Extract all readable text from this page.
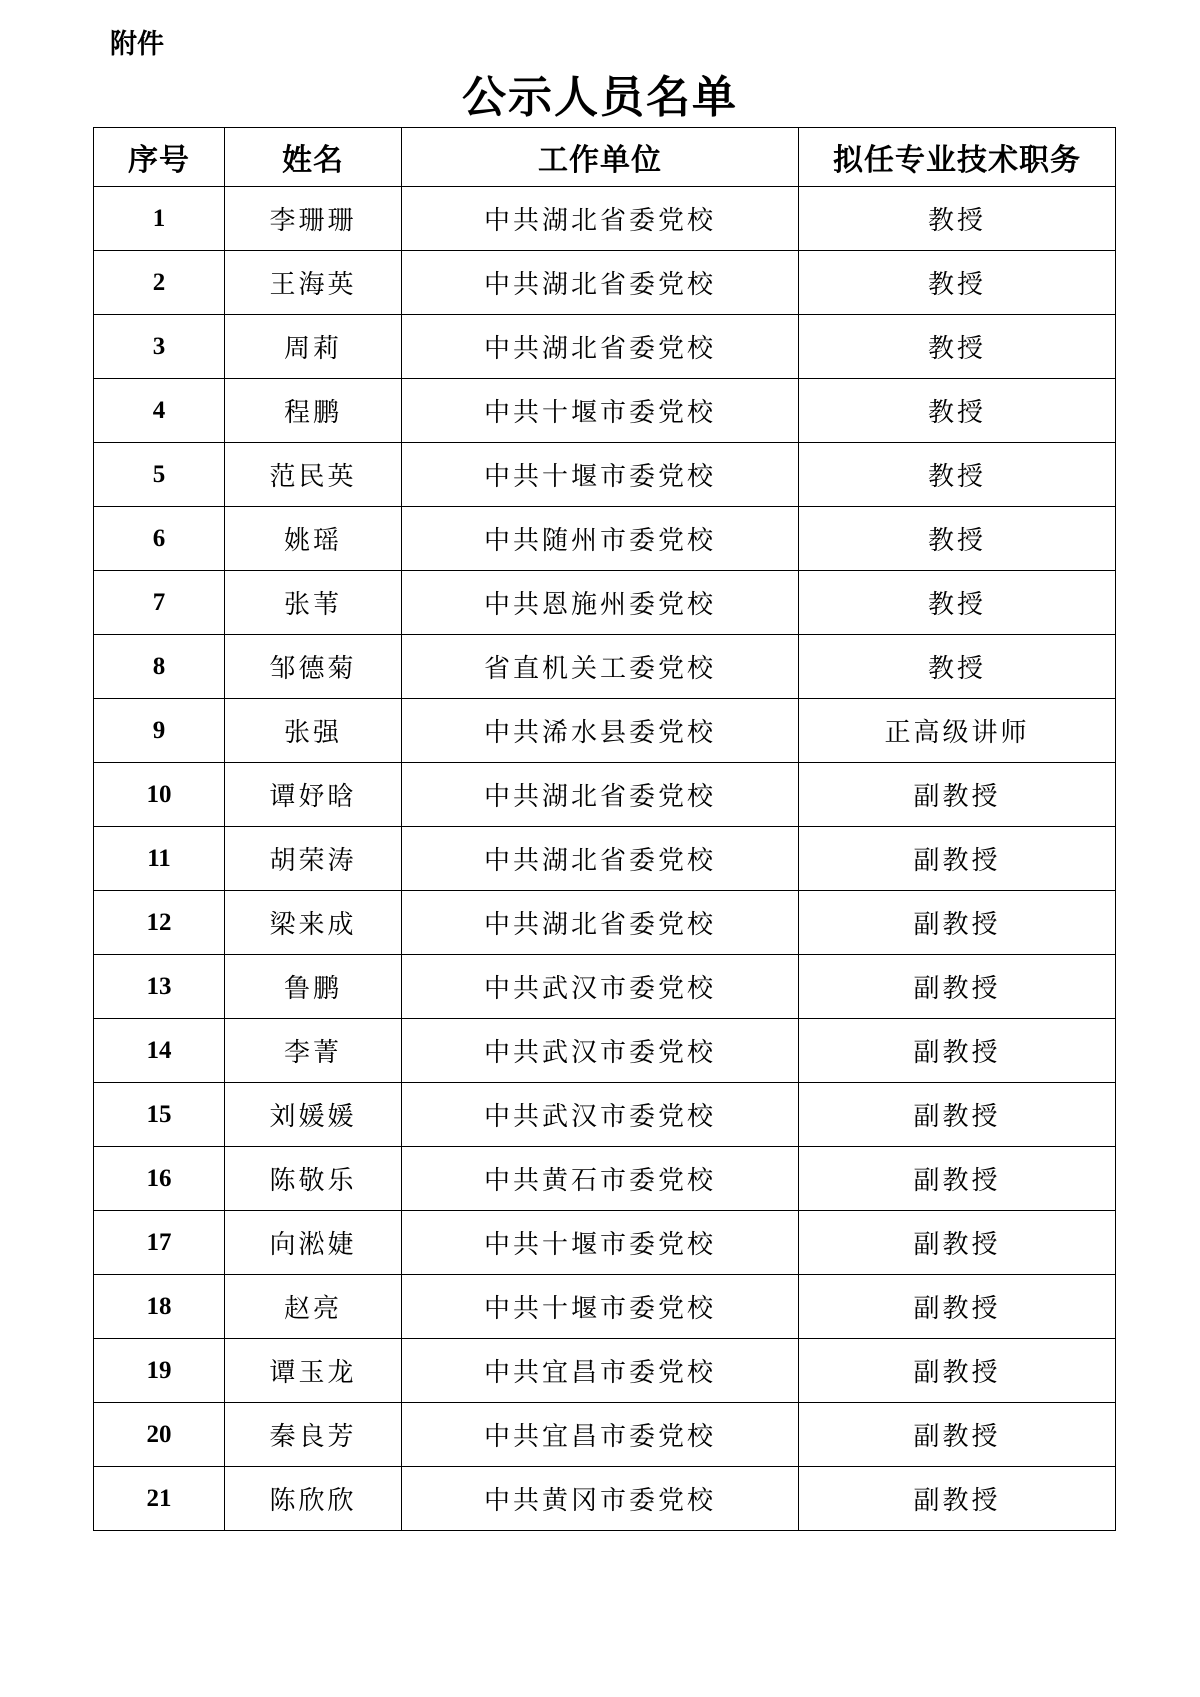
附件
公示人员名单
序号	姓名	工作单位	拟任专业技术职务
1	李珊珊	中共湖北省委党校	教授
2	王海英	中共湖北省委党校	教授
3	周莉	中共湖北省委党校	教授
4	程鹏	中共十堰市委党校	教授
5	范民英	中共十堰市委党校	教授
6	姚瑶	中共随州市委党校	教授
7	张苇	中共恩施州委党校	教授
8	邹德菊	省直机关工委党校	教授
9	张强	中共浠水县委党校	正高级讲师
10	谭妤晗	中共湖北省委党校	副教授
11	胡荣涛	中共湖北省委党校	副教授
12	梁来成	中共湖北省委党校	副教授
13	鲁鹏	中共武汉市委党校	副教授
14	李菁	中共武汉市委党校	副教授
15	刘媛媛	中共武汉市委党校	副教授
16	陈敬乐	中共黄石市委党校	副教授
17	向淞婕	中共十堰市委党校	副教授
18	赵亮	中共十堰市委党校	副教授
19	谭玉龙	中共宜昌市委党校	副教授
20	秦良芳	中共宜昌市委党校	副教授
21	陈欣欣	中共黄冈市委党校	副教授
